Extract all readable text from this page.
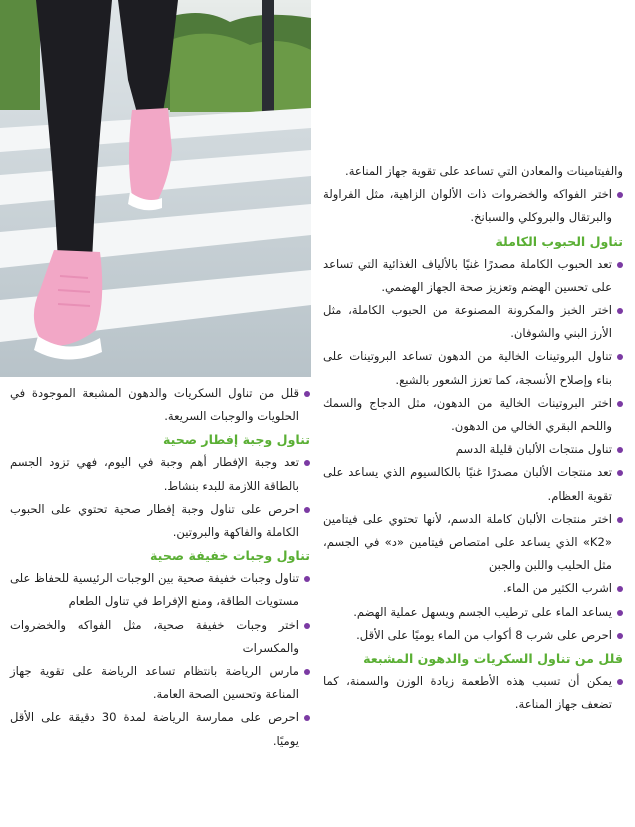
والفيتامينات والمعادن التي تساعد على تقوية جهاز المناعة.

اختر الفواكه والخضروات ذات الألوان الزاهية، مثل الفراولة والبرتقال والبروكلي والسبانخ.

تناول الحبوب الكاملة

تعد الحبوب الكاملة مصدرًا غنيًا بالألياف الغذائية التي تساعد على تحسين الهضم وتعزيز صحة الجهاز الهضمي.

اختر الخبز والمكرونة المصنوعة من الحبوب الكاملة، مثل الأرز البني والشوفان.

تناول البروتينات الخالية من الدهون تساعد البروتينات على بناء وإصلاح الأنسجة، كما تعزز الشعور بالشبع.

اختر البروتينات الخالية من الدهون، مثل الدجاج والسمك واللحم البقري الخالي من الدهون.

تناول منتجات الألبان قليلة الدسم

تعد منتجات الألبان مصدرًا غنيًا بالكالسيوم الذي يساعد على تقوية العظام.

اختر منتجات الألبان كاملة الدسم، لأنها تحتوي على فيتامين «K2» الذي يساعد على امتصاص فيتامين «د» في الجسم، مثل الحليب واللبن والجبن

اشرب الكثير من الماء.

يساعد الماء على ترطيب الجسم ويسهل عملية الهضم.

احرص على شرب 8 أكواب من الماء يوميًا على الأقل.

قلل من تناول السكريات والدهون المشبعة

يمكن أن تسبب هذه الأطعمة زيادة الوزن والسمنة، كما تضعف جهاز المناعة.

قلل من تناول السكريات والدهون المشبعة الموجودة في الحلويات والوجبات السريعة.

تناول وجبة إفطار صحية

تعد وجبة الإفطار أهم وجبة في اليوم، فهي تزود الجسم بالطاقة اللازمة للبدء بنشاط.

احرص على تناول وجبة إفطار صحية تحتوي على الحبوب الكاملة والفاكهة والبروتين.

تناول وجبات خفيفة صحية

تناول وجبات خفيفة صحية بين الوجبات الرئيسية للحفاظ على مستويات الطاقة، ومنع الإفراط في تناول الطعام

اختر وجبات خفيفة صحية، مثل الفواكه والخضروات والمكسرات

مارس الرياضة بانتظام تساعد الرياضة على تقوية جهاز المناعة وتحسين الصحة العامة.

احرص على ممارسة الرياضة لمدة 30 دقيقة على الأقل يوميًا.
